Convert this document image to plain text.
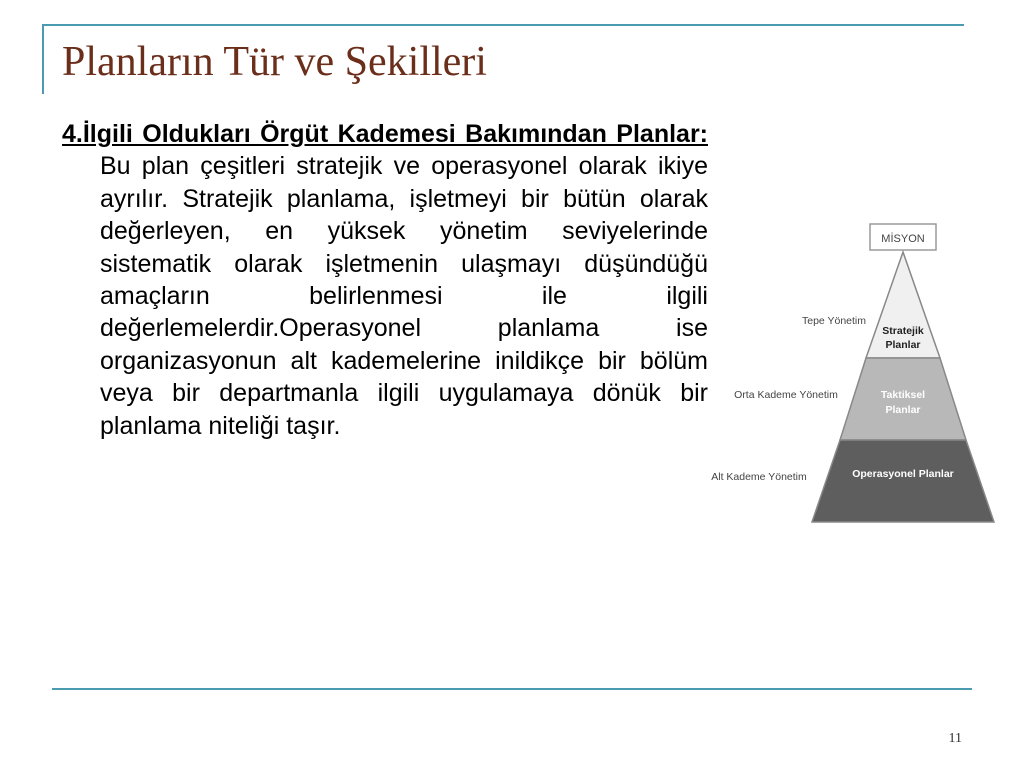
Planların Tür ve Şekilleri
4.İlgili Oldukları Örgüt Kademesi Bakımından Planlar: Bu plan çeşitleri stratejik ve operasyonel olarak ikiye ayrılır. Stratejik planlama, işletmeyi bir bütün olarak değerleyen, en yüksek yönetim seviyelerinde sistematik olarak işletmenin ulaşmayı düşündüğü amaçların belirlenmesi ile ilgili değerlemelerdir.Operasyonel planlama ise organizasyonun alt kademelerine inildikçe bir bölüm veya bir departmanla ilgili uygulamaya dönük bir planlama niteliği taşır.
MİSYON
Stratejik
Planlar
Taktiksel
Planlar
Operasyonel Planlar
Tepe Yönetim
Orta Kademe Yönetim
Alt Kademe Yönetim
11
